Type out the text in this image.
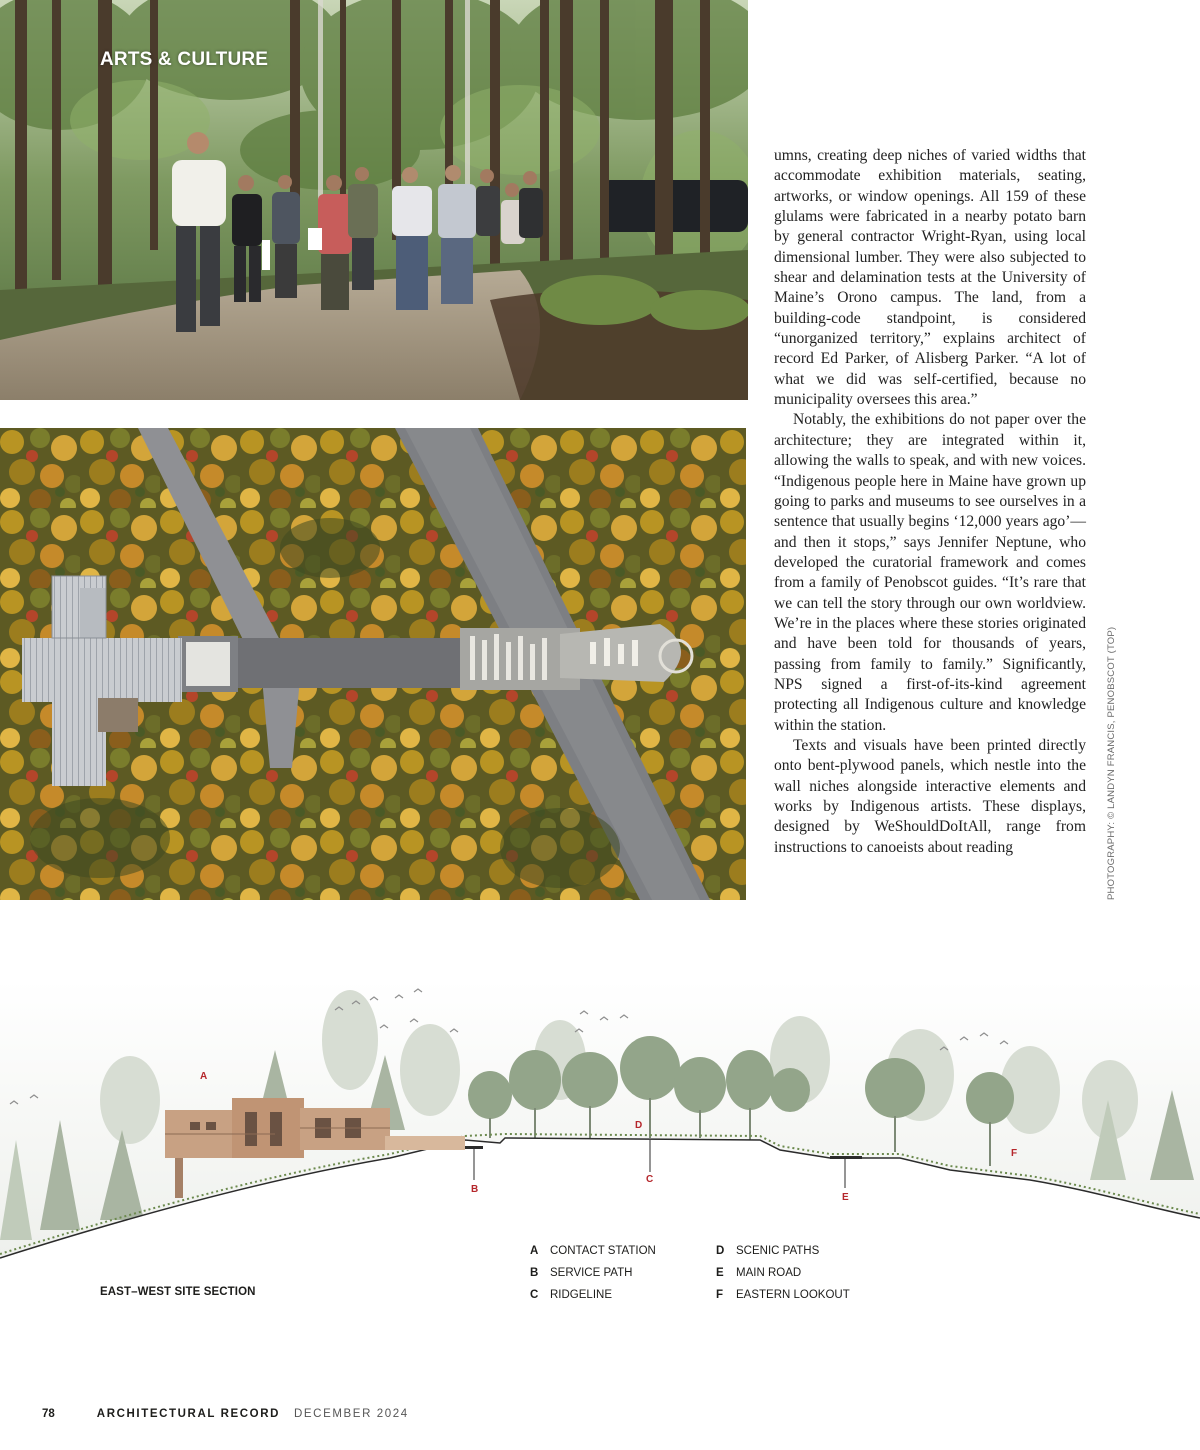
ARTS & CULTURE

umns, creating deep niches of varied widths that accommodate exhibition materials, seating, artworks, or window openings. All 159 of these glulams were fabricated in a nearby potato barn by general contractor Wright-Ryan, using local dimensional lumber. They were also subjected to shear and delamination tests at the University of Maine’s Orono campus. The land, from a building-code standpoint, is considered “unorganized territory,” explains architect of record Ed Parker, of Alisberg Parker. “A lot of what we did was self-certified, because no municipality oversees this area.”

Notably, the exhibitions do not paper over the architecture; they are integrated within it, allowing the walls to speak, and with new voices. “Indigenous people here in Maine have grown up going to parks and museums to see ourselves in a sentence that usually begins ‘12,000 years ago’—and then it stops,” says Jennifer Neptune, who developed the curatorial framework and comes from a family of Penobscot guides. “It’s rare that we can tell the story through our own worldview. We’re in the places where these stories originated and have been told for thousands of years, passing from family to family.” Significantly, NPS signed a first-of-its-kind agreement protecting all Indigenous culture and knowledge within the station.

Texts and visuals have been printed directly onto bent-plywood panels, which nestle into the wall niches alongside interactive elements and works by Indigenous artists. These displays, designed by WeShouldDoItAll, range from instructions to canoeists about reading	PHOTOGRAPHY: © LANDYN FRANCIS, PENOBSCOT (TOP)
A
B
C
D
E
F
EAST–WEST SITE SECTION
A CONTACT STATION
B SERVICE PATH
C RIDGELINE
D SCENIC PATHS
E MAIN ROAD
F EASTERN LOOKOUT
78	ARCHITECTURAL RECORD DECEMBER 2024
